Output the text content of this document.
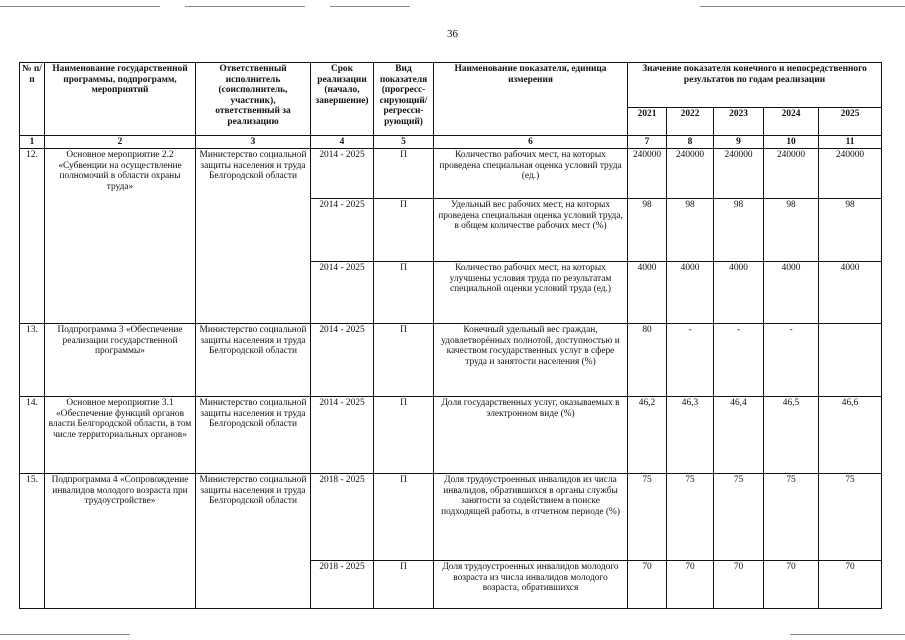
36
№ п/п	Наименование государственной программы, подпрограмм, мероприятий	Ответственный исполнитель (соисполнитель, участник), ответственный за реализацию	Срок реализации (начало, завершение)	Вид показателя (прогресс-сирующий/ регресси-рующий)	Наименование показателя, единица измерения	Значение показателя конечного и непосредственного результатов по годам реализации				
						2021	2022	2023	2024	2025
1	2	3	4	5	6	7	8	9	10	11
12.	Основное мероприятие 2.2 «Субвенции на осуществление полномочий в области охраны труда»	Министерство социальной защиты населения и труда Белгородской области	2014 - 2025	П	Количество рабочих мест, на которых проведена специальная оценка условий труда (ед.)	240000	240000	240000	240000	240000
			2014 - 2025	П	Удельный вес рабочих мест, на которых проведена специальная оценка условий труда, в общем количестве рабочих мест (%)	98	98	98	98	98
			2014 - 2025	П	Количество рабочих мест, на которых улучшены условия труда по результатам специальной оценки условий труда (ед.)	4000	4000	4000	4000	4000
13.	Подпрограмма 3 «Обеспечение реализации государственной программы»	Министерство социальной защиты населения и труда Белгородской области	2014 - 2025	П	Конечный удельный вес граждан, удовлетворённых полнотой, доступностью и качеством государственных услуг в сфере труда и занятости населения (%)	80	-	-	-	
14.	Основное мероприятие 3.1 «Обеспечение функций органов власти Белгородской области, в том числе территориальных органов»	Министерство социальной защиты населения и труда Белгородской области	2014 - 2025	П	Доля государственных услуг, оказываемых в электронном виде (%)	46,2	46,3	46,4	46,5	46,6
15.	Подпрограмма 4 «Сопровождение инвалидов молодого возраста при трудоустройстве»	Министерство социальной защиты населения и труда Белгородской области	2018 - 2025	П	Доля трудоустроенных инвалидов из числа инвалидов, обратившихся в органы службы занятости за содействием в поиске подходящей работы, в отчетном периоде (%)	75	75	75	75	75
			2018 - 2025	П	Доля трудоустроенных инвалидов молодого возраста из числа инвалидов молодого возраста, обратившихся	70	70	70	70	70
